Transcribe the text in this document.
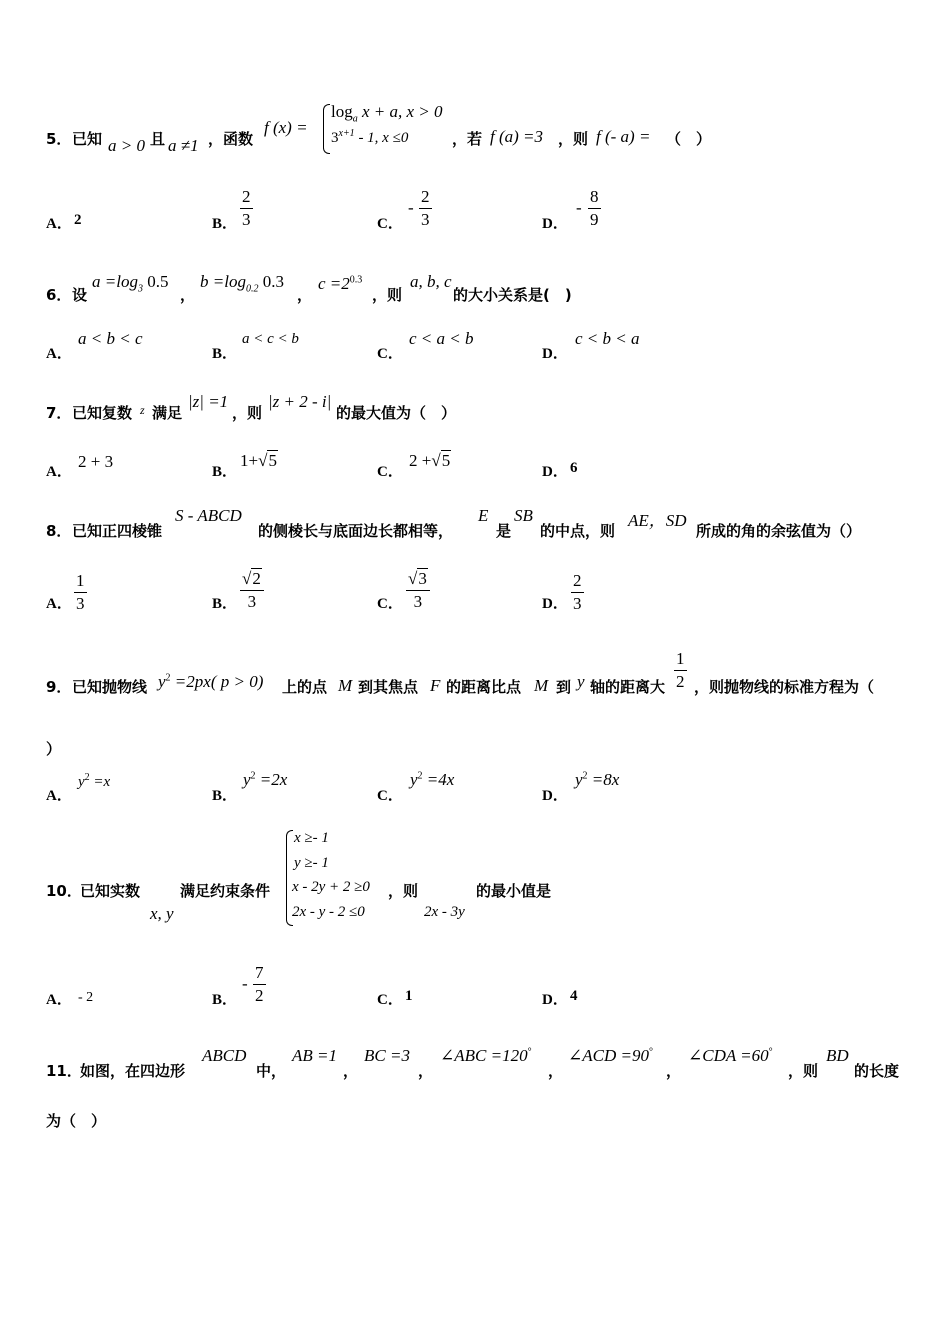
5． 已知 a > 0 且 a ≠1 ，函数
f (x) =
$\log_a x + a$, x > 0
$3^{x+1} - 1$, x ≤0	，若 f (a) =3 ，则 f (- a) = （　）
A． 2	B． $\frac{2}{3}$	C．
- $\frac{2}{3}$	D．
- $\frac{8}{9}$
6． 设
$a =\log_3$ 0.5
，
$b =\log_{0.2}$ 0.3
，
$c =2^{0.3}$
，则
a, b, c
的大小关系是(　)
A．
a < b < c
B．
a < c < b
C．
c < a < b
D．
c < b < a
7． 已知复数 z 满足
|z| =1
，则
|z + 2 - i|
的最大值为（　）
A．
2 + 3
B．
1+√5
C．
2 +√5
D． 6
8． 已知正四棱锥
S - ABCD
的侧棱长与底面边长都相等，
E
是
SB
的中点，则
AE，SD
所成的角的余弦值为（）
A． $\frac{1}{3}$	B． $\frac{√2}{3}$	C． $\frac{√3}{3}$	D． $\frac{2}{3}$
9． 已知抛物线 $y^2 =2px$( p > 0) 上的点 M 到其焦点 F 的距离比点 M 到 y 轴的距离大 $\frac{1}{2}$ ，则抛物线的标准方程为（
）
A．
$y^2 =x$
B．
$y^2 =2x$
C．
$y^2 =4x$
D．
$y^2 =8x$
10．
已知实数
x, y
满足约束条件
x ≥- 1
y ≥- 1
x - 2y + 2 ≥0
2x - y - 2 ≤0
，则
2x - 3y
的最小值是
A． - 2	B．
- $\frac{7}{2}$	C． 1	D． 4
11．
如图，在四边形
ABCD
中，
AB =1
，
BC =3
，
∠ABC =120°
，
∠ACD =90°
，
∠CDA =60°
，则
BD
的长度
为（　）
